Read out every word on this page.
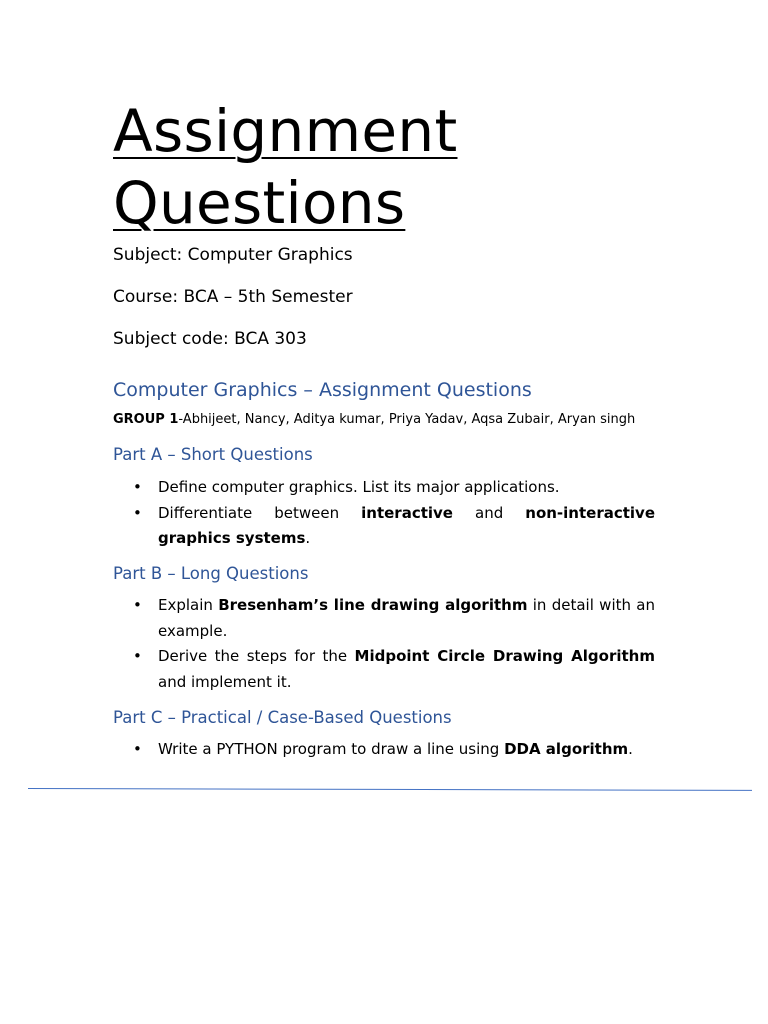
Assignment
Questions

Subject: Computer Graphics

Course: BCA – 5th Semester

Subject code: BCA 303

Computer Graphics – Assignment Questions

GROUP 1-Abhijeet, Nancy, Aditya kumar, Priya Yadav, Aqsa Zubair, Aryan singh

Part A – Short Questions
• Define computer graphics. List its major applications.
• Differentiate between interactive and non-interactive graphics systems.
Part B – Long Questions
• Explain Bresenham’s line drawing algorithm in detail with an example.
• Derive the steps for the Midpoint Circle Drawing Algorithm and implement it.
Part C – Practical / Case-Based Questions
• Write a PYTHON program to draw a line using DDA algorithm.
